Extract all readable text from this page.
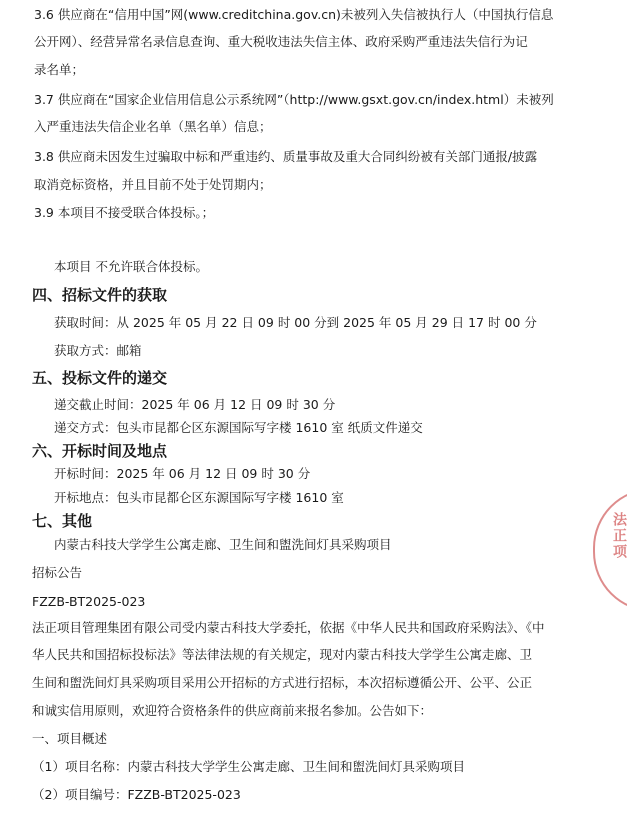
3.6 供应商在“信用中国”网(www.creditchina.gov.cn)未被列入失信被执行人（中国执行信息
公开网）、经营异常名录信息查询、重大税收违法失信主体、政府采购严重违法失信行为记
录名单；
3.7 供应商在“国家企业信用信息公示系统网”（http://www.gsxt.gov.cn/index.html）未被列
入严重违法失信企业名单（黑名单）信息；
3.8 供应商未因发生过骗取中标和严重违约、质量事故及重大合同纠纷被有关部门通报/披露
取消竞标资格，并且目前不处于处罚期内；
3.9 本项目不接受联合体投标。；
本项目 不允许联合体投标。
四、招标文件的获取
获取时间：从 2025 年 05 月 22 日 09 时 00 分到 2025 年 05 月 29 日 17 时 00 分
获取方式：邮箱
五、投标文件的递交
递交截止时间：2025 年 06 月 12 日 09 时 30 分
递交方式：包头市昆都仑区东源国际写字楼 1610 室 纸质文件递交
六、开标时间及地点
开标时间：2025 年 06 月 12 日 09 时 30 分
开标地点：包头市昆都仑区东源国际写字楼 1610 室
七、其他
内蒙古科技大学学生公寓走廊、卫生间和盥洗间灯具采购项目
招标公告
FZZB-BT2025-023
法正项目管理集团有限公司受内蒙古科技大学委托，依据《中华人民共和国政府采购法》、《中
华人民共和国招标投标法》等法律法规的有关规定，现对内蒙古科技大学学生公寓走廊、卫
生间和盥洗间灯具采购项目采用公开招标的方式进行招标，本次招标遵循公开、公平、公正
和诚实信用原则，欢迎符合资格条件的供应商前来报名参加。公告如下：
一、项目概述
（1）项目名称：内蒙古科技大学学生公寓走廊、卫生间和盥洗间灯具采购项目
（2）项目编号：FZZB-BT2025-023
法正项
